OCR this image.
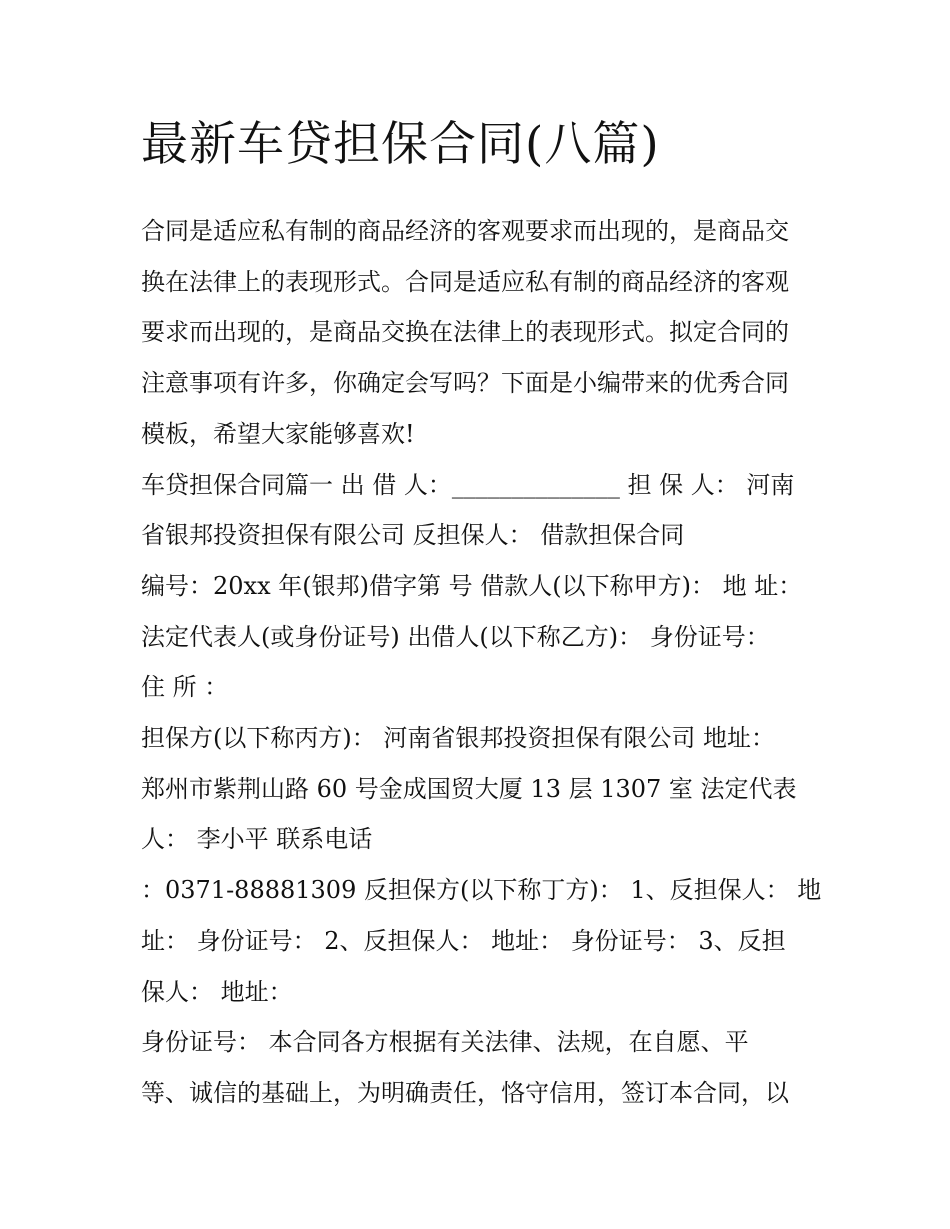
最新车贷担保合同(八篇)
合同是适应私有制的商品经济的客观要求而出现的，是商品交
换在法律上的表现形式。合同是适应私有制的商品经济的客观
要求而出现的，是商品交换在法律上的表现形式。拟定合同的
注意事项有许多，你确定会写吗？下面是小编带来的优秀合同
模板，希望大家能够喜欢!
车贷担保合同篇一 出 借 人：______________ 担 保 人： 河南
省银邦投资担保有限公司 反担保人： 借款担保合同
编号：20xx 年(银邦)借字第 号 借款人(以下称甲方)： 地 址：
法定代表人(或身份证号) 出借人(以下称乙方)： 身份证号：
住 所 ：
担保方(以下称丙方)： 河南省银邦投资担保有限公司 地址：
郑州市紫荆山路 60 号金成国贸大厦 13 层 1307 室 法定代表
人： 李小平 联系电话
：0371-88881309 反担保方(以下称丁方)： 1、反担保人： 地
址： 身份证号： 2、反担保人： 地址： 身份证号： 3、反担
保人： 地址：
身份证号： 本合同各方根据有关法律、法规，在自愿、平
等、诚信的基础上，为明确责任，恪守信用，签订本合同，以
